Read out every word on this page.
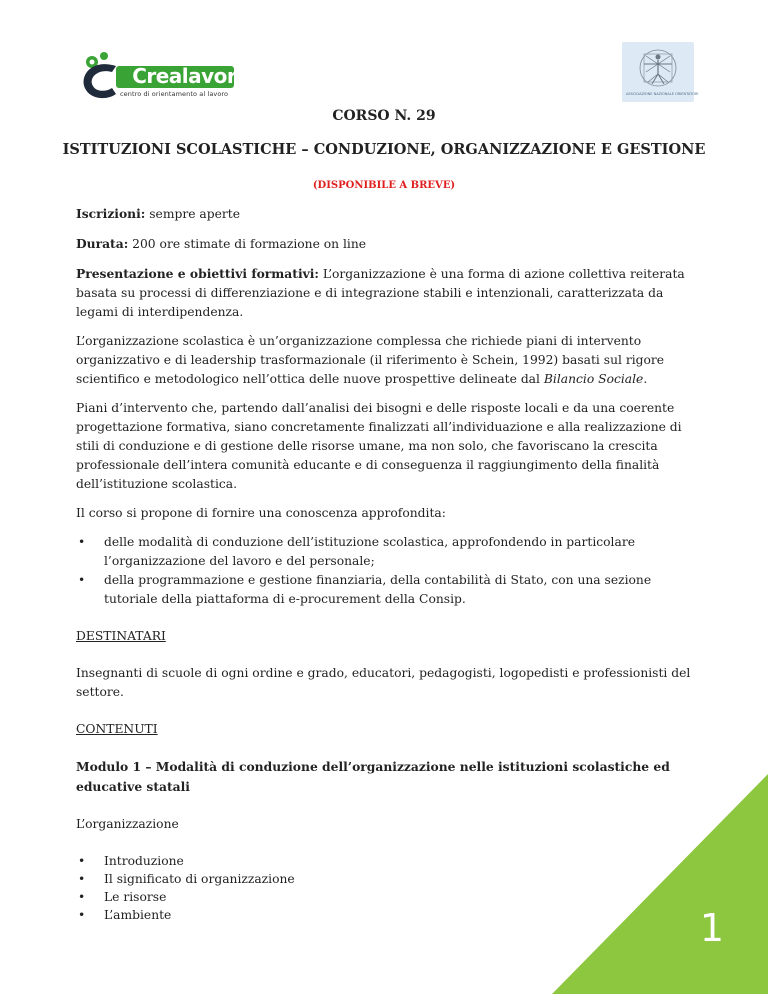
Crealavoro
centro di orientamento al lavoro	ASSOCIAZIONE NAZIONALE ORIENTATORI
CORSO N. 29
ISTITUZIONI SCOLASTICHE – CONDUZIONE, ORGANIZZAZIONE E GESTIONE
(DISPONIBILE A BREVE)

Iscrizioni: sempre aperte

Durata: 200 ore stimate di formazione on line

Presentazione e obiettivi formativi: L’organizzazione è una forma di azione collettiva reiterata basata su processi di differenziazione e di integrazione stabili e intenzionali, caratterizzata da legami di interdipendenza.

L’organizzazione scolastica è un’organizzazione complessa che richiede piani di intervento organizzativo e di leadership trasformazionale (il riferimento è Schein, 1992) basati sul rigore scientifico e metodologico nell’ottica delle nuove prospettive delineate dal Bilancio Sociale.

Piani d’intervento che, partendo dall’analisi dei bisogni e delle risposte locali e da una coerente progettazione formativa, siano concretamente finalizzati all’individuazione e alla realizzazione di stili di conduzione e di gestione delle risorse umane, ma non solo, che favoriscano la crescita professionale dell’intera comunità educante e di conseguenza il raggiungimento della finalità dell’istituzione scolastica.

Il corso si propone di fornire una conoscenza approfondita:

• delle modalità di conduzione dell’istituzione scolastica, approfondendo in particolare l’organizzazione del lavoro e del personale;
• della programmazione e gestione finanziaria, della contabilità di Stato, con una sezione tutoriale della piattaforma di e-procurement della Consip.

DESTINATARI

Insegnanti di scuole di ogni ordine e grado, educatori, pedagogisti, logopedisti e professionisti del settore.

CONTENUTI

Modulo 1 – Modalità di conduzione dell’organizzazione nelle istituzioni scolastiche ed educative statali

L’organizzazione

• Introduzione
• Il significato di organizzazione
• Le risorse
• L’ambiente	1
